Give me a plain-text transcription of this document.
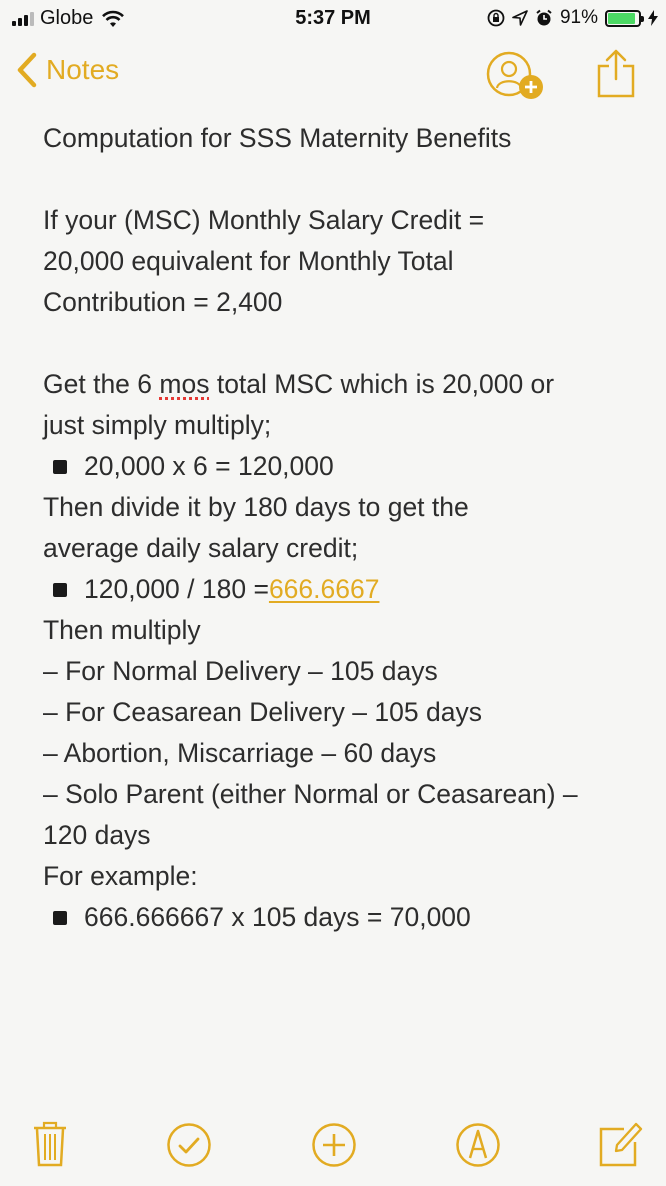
Globe	5:37 PM	91%
Notes
Computation for SSS Maternity Benefits
If your (MSC) Monthly Salary Credit =
20,000 equivalent for Monthly Total
Contribution = 2,400
Get the 6 mos total MSC which is 20,000 or
just simply multiply;
20,000 x 6 = 120,000
Then divide it by 180 days to get the
average daily salary credit;
120,000 / 180 = 666.6667
Then multiply
– For Normal Delivery – 105 days
– For Ceasarean Delivery – 105 days
– Abortion, Miscarriage – 60 days
– Solo Parent (either Normal or Ceasarean) –
120 days
For example:
666.666667 x 105 days = 70,000
